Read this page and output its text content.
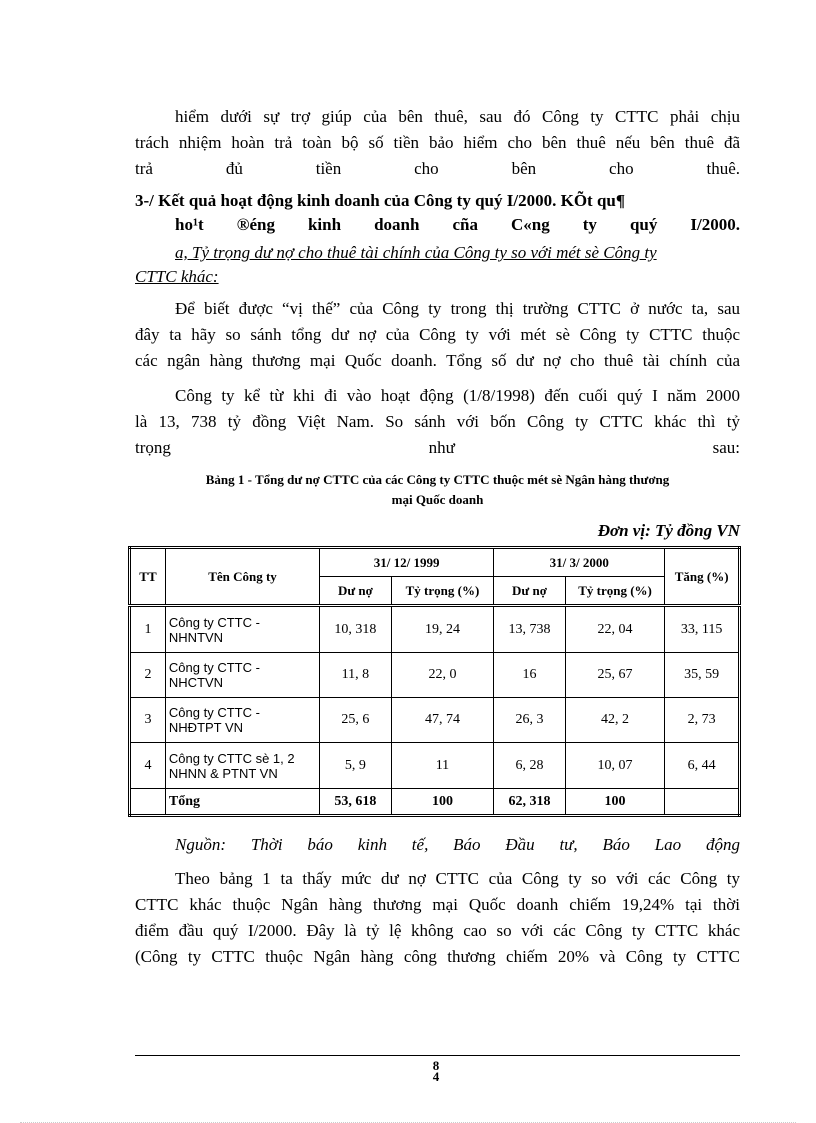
hiểm dưới sự trợ giúp của bên thuê, sau đó Công ty CTTC phải chịu
trách nhiệm hoàn trả toàn bộ số tiền bảo hiểm cho bên thuê nếu bên thuê đã
trả đủ tiền cho bên cho thuê.
3-/ Kết quả hoạt động kinh doanh của Công ty quý I/2000. KÕt qu¶
ho¹t ®éng kinh doanh cña C«ng ty quý I/2000.
a, Tỷ trọng dư nợ cho thuê tài chính của Công ty so với mét sè Công ty
CTTC khác:
Để biết được “vị thế” của Công ty trong thị trường CTTC ở nước ta, sau
đây ta hãy so sánh tổng dư nợ của Công ty với mét sè Công ty CTTC thuộc
các ngân hàng thương mại Quốc doanh. Tổng số dư nợ cho thuê tài chính của
Công ty kể từ khi đi vào hoạt động (1/8/1998) đến cuối quý I năm 2000
là 13, 738 tỷ đồng Việt Nam. So sánh với bốn Công ty CTTC khác thì tỷ
trọng như sau:
Bảng 1 - Tổng dư nợ CTTC của các Công ty CTTC thuộc mét sè Ngân hàng thương
mại Quốc doanh
Đơn vị: Tỷ đồng VN
TT	Tên Công ty	31/ 12/ 1999		31/ 3/ 2000		Tăng (%)
		Dư nợ	Tỷ trọng (%)	Dư nợ	Tỷ trọng (%)	
1	Công ty CTTC - NHNTVN	10, 318	19, 24	13, 738	22, 04	33, 115
2	Công ty CTTC - NHCTVN	11, 8	22, 0	16	25, 67	35, 59
3	Công ty CTTC - NHĐTPT VN	25, 6	47, 74	26, 3	42, 2	2, 73
4	Công ty CTTC sè 1, 2 NHNN & PTNT VN	5, 9	11	6, 28	10, 07	6, 44
	Tổng	53, 618	100	62, 318	100	
Nguồn: Thời báo kinh tế, Báo Đầu tư, Báo Lao động
Theo bảng 1 ta thấy mức dư nợ CTTC của Công ty so với các Công ty
CTTC khác thuộc Ngân hàng thương mại Quốc doanh chiếm 19,24% tại thời
điểm đầu quý I/2000. Đây là tỷ lệ không cao so với các Công ty CTTC khác
(Công ty CTTC thuộc Ngân hàng công thương chiếm 20% và Công ty CTTC
8
4
